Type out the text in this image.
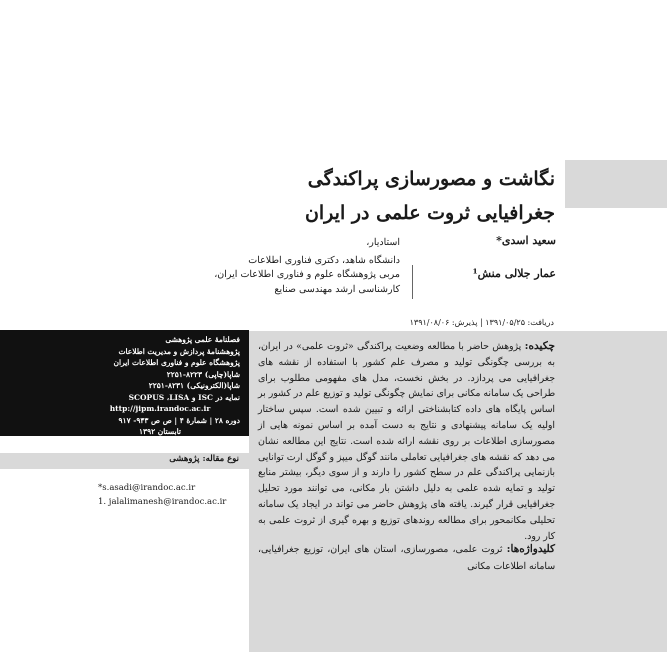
نگاشت و مصورسازی پراکندگی
جغرافیایی ثروت علمی در ایران
سعید اسدی*
استادیار،
دانشگاه شاهد، دکتری فناوری اطلاعات
عمار جلالی منش¹
مربی پژوهشگاه علوم و فناوری اطلاعات ایران،
کارشناسی ارشد مهندسی صنایع
دریافت: ۱۳۹۱/۰۵/۲۵ | پذیرش: ۱۳۹۱/۰۸/۰۶
چکیده: پژوهش حاضر با مطالعه وضعیت پراکندگی «ثروت علمی» در ایران، به بررسی چگونگی تولید و مصرف علم کشور با استفاده از نقشه های جغرافیایی می پردازد. در بخش نخست، مدل های مفهومی مطلوب برای طراحی یک سامانه مکانی برای نمایش چگونگی تولید و توزیع علم در کشور بر اساس پایگاه های داده کتابشناختی ارائه و تبیین شده است. سپس ساختار اولیه یک سامانه پیشنهادی و نتایج به دست آمده بر اساس نمونه هایی از مصورسازی اطلاعات بر روی نقشه ارائه شده است. نتایج این مطالعه نشان می دهد که نقشه های جغرافیایی تعاملی مانند گوگل میپز و گوگل ارت توانایی بازنمایی پراکندگی علم در سطح کشور را دارند و از سوی دیگر، بیشتر منابع تولید و تمایه شده علمی به دلیل داشتن بار مکانی، می توانند مورد تحلیل جغرافیایی قرار گیرند. یافته های پژوهش حاضر می تواند در ایجاد یک سامانه تحلیلی مکانمحور برای مطالعه روندهای توزیع و بهره گیری از ثروت علمی به کار رود.
کلیدواژه‌ها: ثروت علمی، مصورسازی، استان های ایران، توزیع جغرافیایی، سامانه اطلاعات مکانی
فصلنامهٔ علمی پژوهشی
پژوهشنامهٔ پردازش و مدیریت اطلاعات
پژوهشگاه علوم و فناوری اطلاعات ایران
شاپا(چاپی) ۸۲۲۳-۲۲۵۱
شاپا(الکترونیکی) ۸۲۳۱-۲۲۵۱
نمایه در ISC و SCOPUS ،LISA
http://jipm.irandoc.ac.ir
دوره ۲۸ | شمارهٔ ۴ | ص ص ۹۴۳- ۹۱۷
تابستان ۱۳۹۲
نوع مقاله: پژوهشی
*s.asadi@irandoc.ac.ir
1. jalalimanesh@irandoc.ac.ir
